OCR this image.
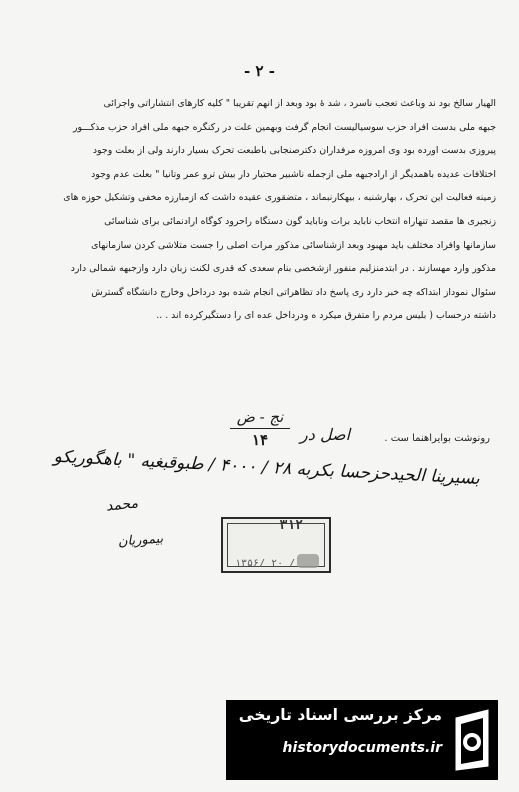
- ۲ -
الهیار سالخ بود ند وباعث تعجب ناسرد ، شد ۀ بود وبعد از انهم تقریبا " کلیه کارهای انتشاراتی واجرائی
جبهه ملی بدست افراد حزب سوسیالیست انجام گرفت وبهمین علت در رکنگره جبهه ملی افراد حزب مذکـــور
پیروزی بدست اورده بود وی امروزه مرفداران دکترصنجابی باطبعت تحرک بسیار دارند ولی از بعلت وجود
اختلافات عدیده باهمدیگر از ارادجبهه ملی ازجمله ناشبیر محتیار دار بیش ترو عمر وتانیا " بعلت عدم وجود
زمینه فعالیت این تحرک ، بهارشنبه ، بیهکارنبماند ، متضقوری عقیده داشت که ازمبارزه مخفی وتشکیل حوزه های
زنجیری ها مقصد تنهاراه انتخاب ناباید برات وناباید گون دستگاه راحرود کوگاه ارادنمائی برای شناسائی
سازمانها وافراد مختلف باید مهبود وبعد ازشناسائی مذکور مرات اصلی را جست متلاشی کردن سازمانهای
مذکور وارد مهسازند . در ابتدمنزلیم منفور ازشخصی بنام سعدی که قدری لکنت زبان دارد وازجبهه شمالی دارد
سئوال نموداز ابتداکه چه خبر دارد ری پاسخ داد تظاهراتی انجام شده بود درداخل وخارج دانشگاه گسترش
داشته درحساب ( بلیس مردم را متفرق میکرد ه ودرداخل عده ای را دستگیرکرده اند . ..
رونوشت بوایراهنما ست .
نج - ض
۱۴	اصل در
بسیرینا الحیدحزحسا بکربه ۲۸ / ۴۰۰۰ / طبوقبغیه " باهگوریکو
محمد
بیموریان
۳۱۲
۱۳۵۶/ ۲۰ /
مرکز بررسی اسناد تاریخی
historydocuments.ir
